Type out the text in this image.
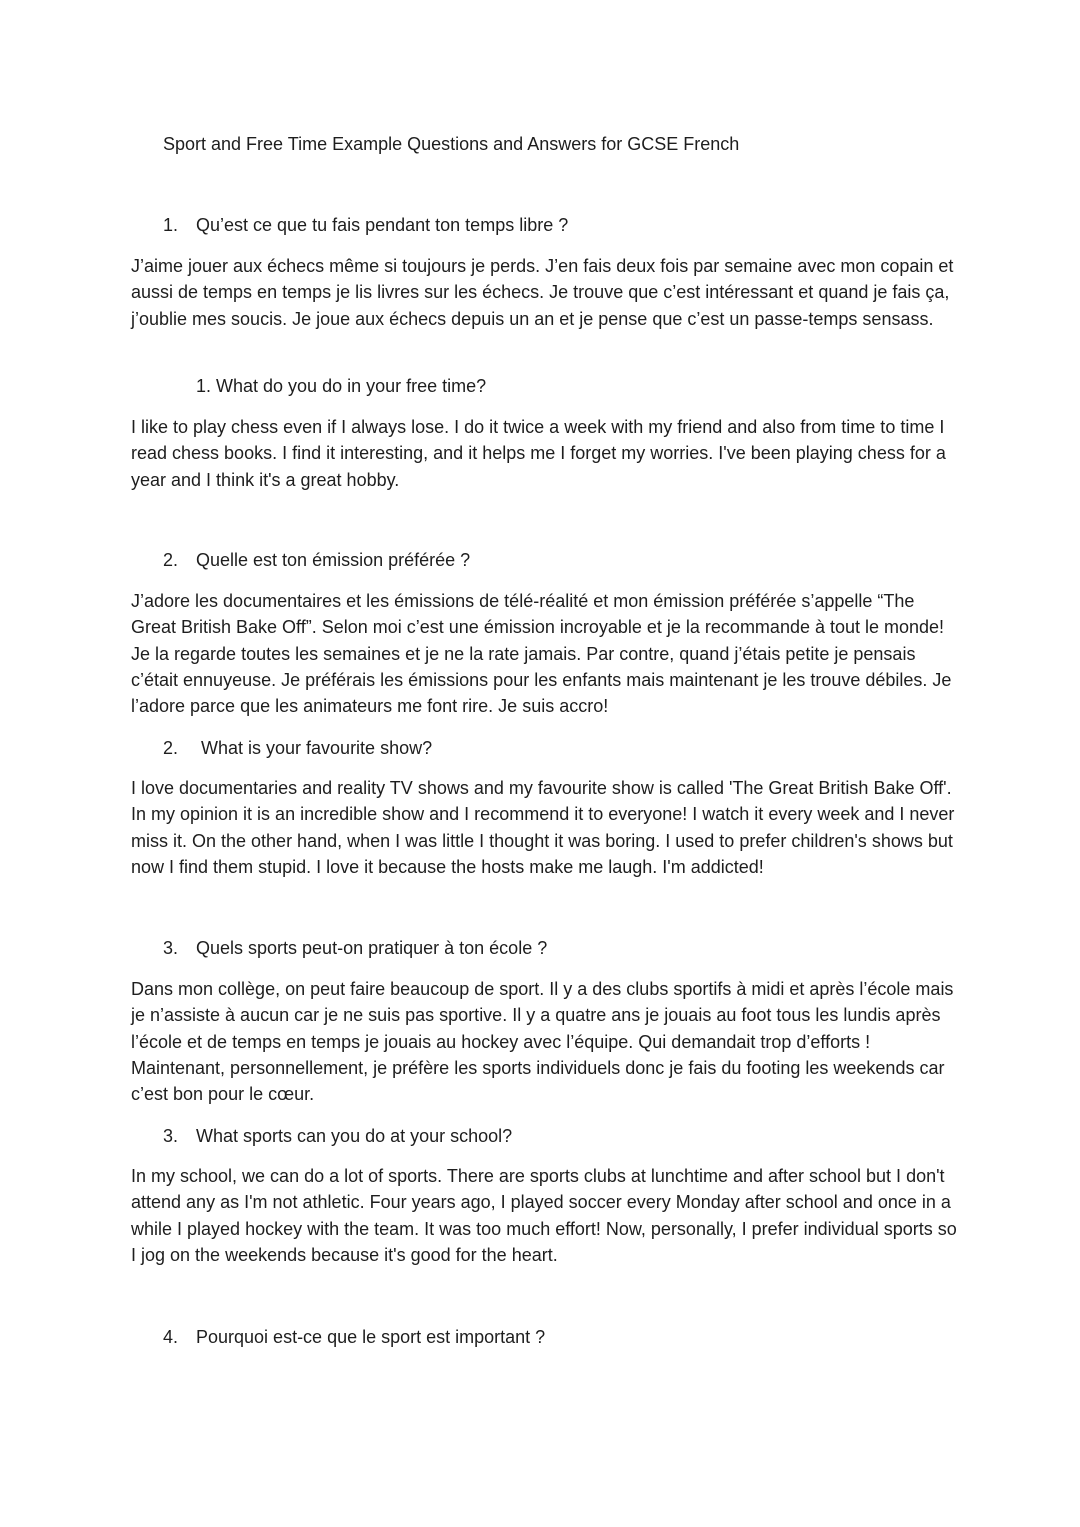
Sport and Free Time Example Questions and Answers for GCSE French
1. Qu’est ce que tu fais pendant ton temps libre ?

J’aime jouer aux échecs même si toujours je perds. J’en fais deux fois par semaine avec mon copain et aussi de temps en temps je lis livres sur les échecs. Je trouve que c’est intéressant et quand je fais ça, j’oublie mes soucis. Je joue aux échecs depuis un an et je pense que c’est un passe-temps sensass.

1. What do you do in your free time?

I like to play chess even if I always lose. I do it twice a week with my friend and also from time to time I read chess books. I find it interesting, and it helps me I forget my worries. I've been playing chess for a year and I think it's a great hobby.

2. Quelle est ton émission préférée ?

J’adore les documentaires et les émissions de télé-réalité et mon émission préférée s’appelle “The Great British Bake Off”. Selon moi c’est une émission incroyable et je la recommande à tout le monde! Je la regarde toutes les semaines et je ne la rate jamais. Par contre, quand j’étais petite je pensais c’était ennuyeuse. Je préférais les émissions pour les enfants mais maintenant je les trouve débiles. Je l’adore parce que les animateurs me font rire. Je suis accro!

2. What is your favourite show?

I love documentaries and reality TV shows and my favourite show is called 'The Great British Bake Off'. In my opinion it is an incredible show and I recommend it to everyone! I watch it every week and I never miss it. On the other hand, when I was little I thought it was boring. I used to prefer children's shows but now I find them stupid. I love it because the hosts make me laugh. I'm addicted!

3. Quels sports peut-on pratiquer à ton école ?

Dans mon collège, on peut faire beaucoup de sport. Il y a des clubs sportifs à midi et après l’école mais je n’assiste à aucun car je ne suis pas sportive. Il y a quatre ans je jouais au foot tous les lundis après l’école et de temps en temps je jouais au hockey avec l’équipe. Qui demandait trop d’efforts ! Maintenant, personnellement, je préfère les sports individuels donc je fais du footing les weekends car c’est bon pour le cœur.

3. What sports can you do at your school?

In my school, we can do a lot of sports. There are sports clubs at lunchtime and after school but I don't attend any as I'm not athletic. Four years ago, I played soccer every Monday after school and once in a while I played hockey with the team. It was too much effort! Now, personally, I prefer individual sports so I jog on the weekends because it's good for the heart.

4. Pourquoi est-ce que le sport est important ?
